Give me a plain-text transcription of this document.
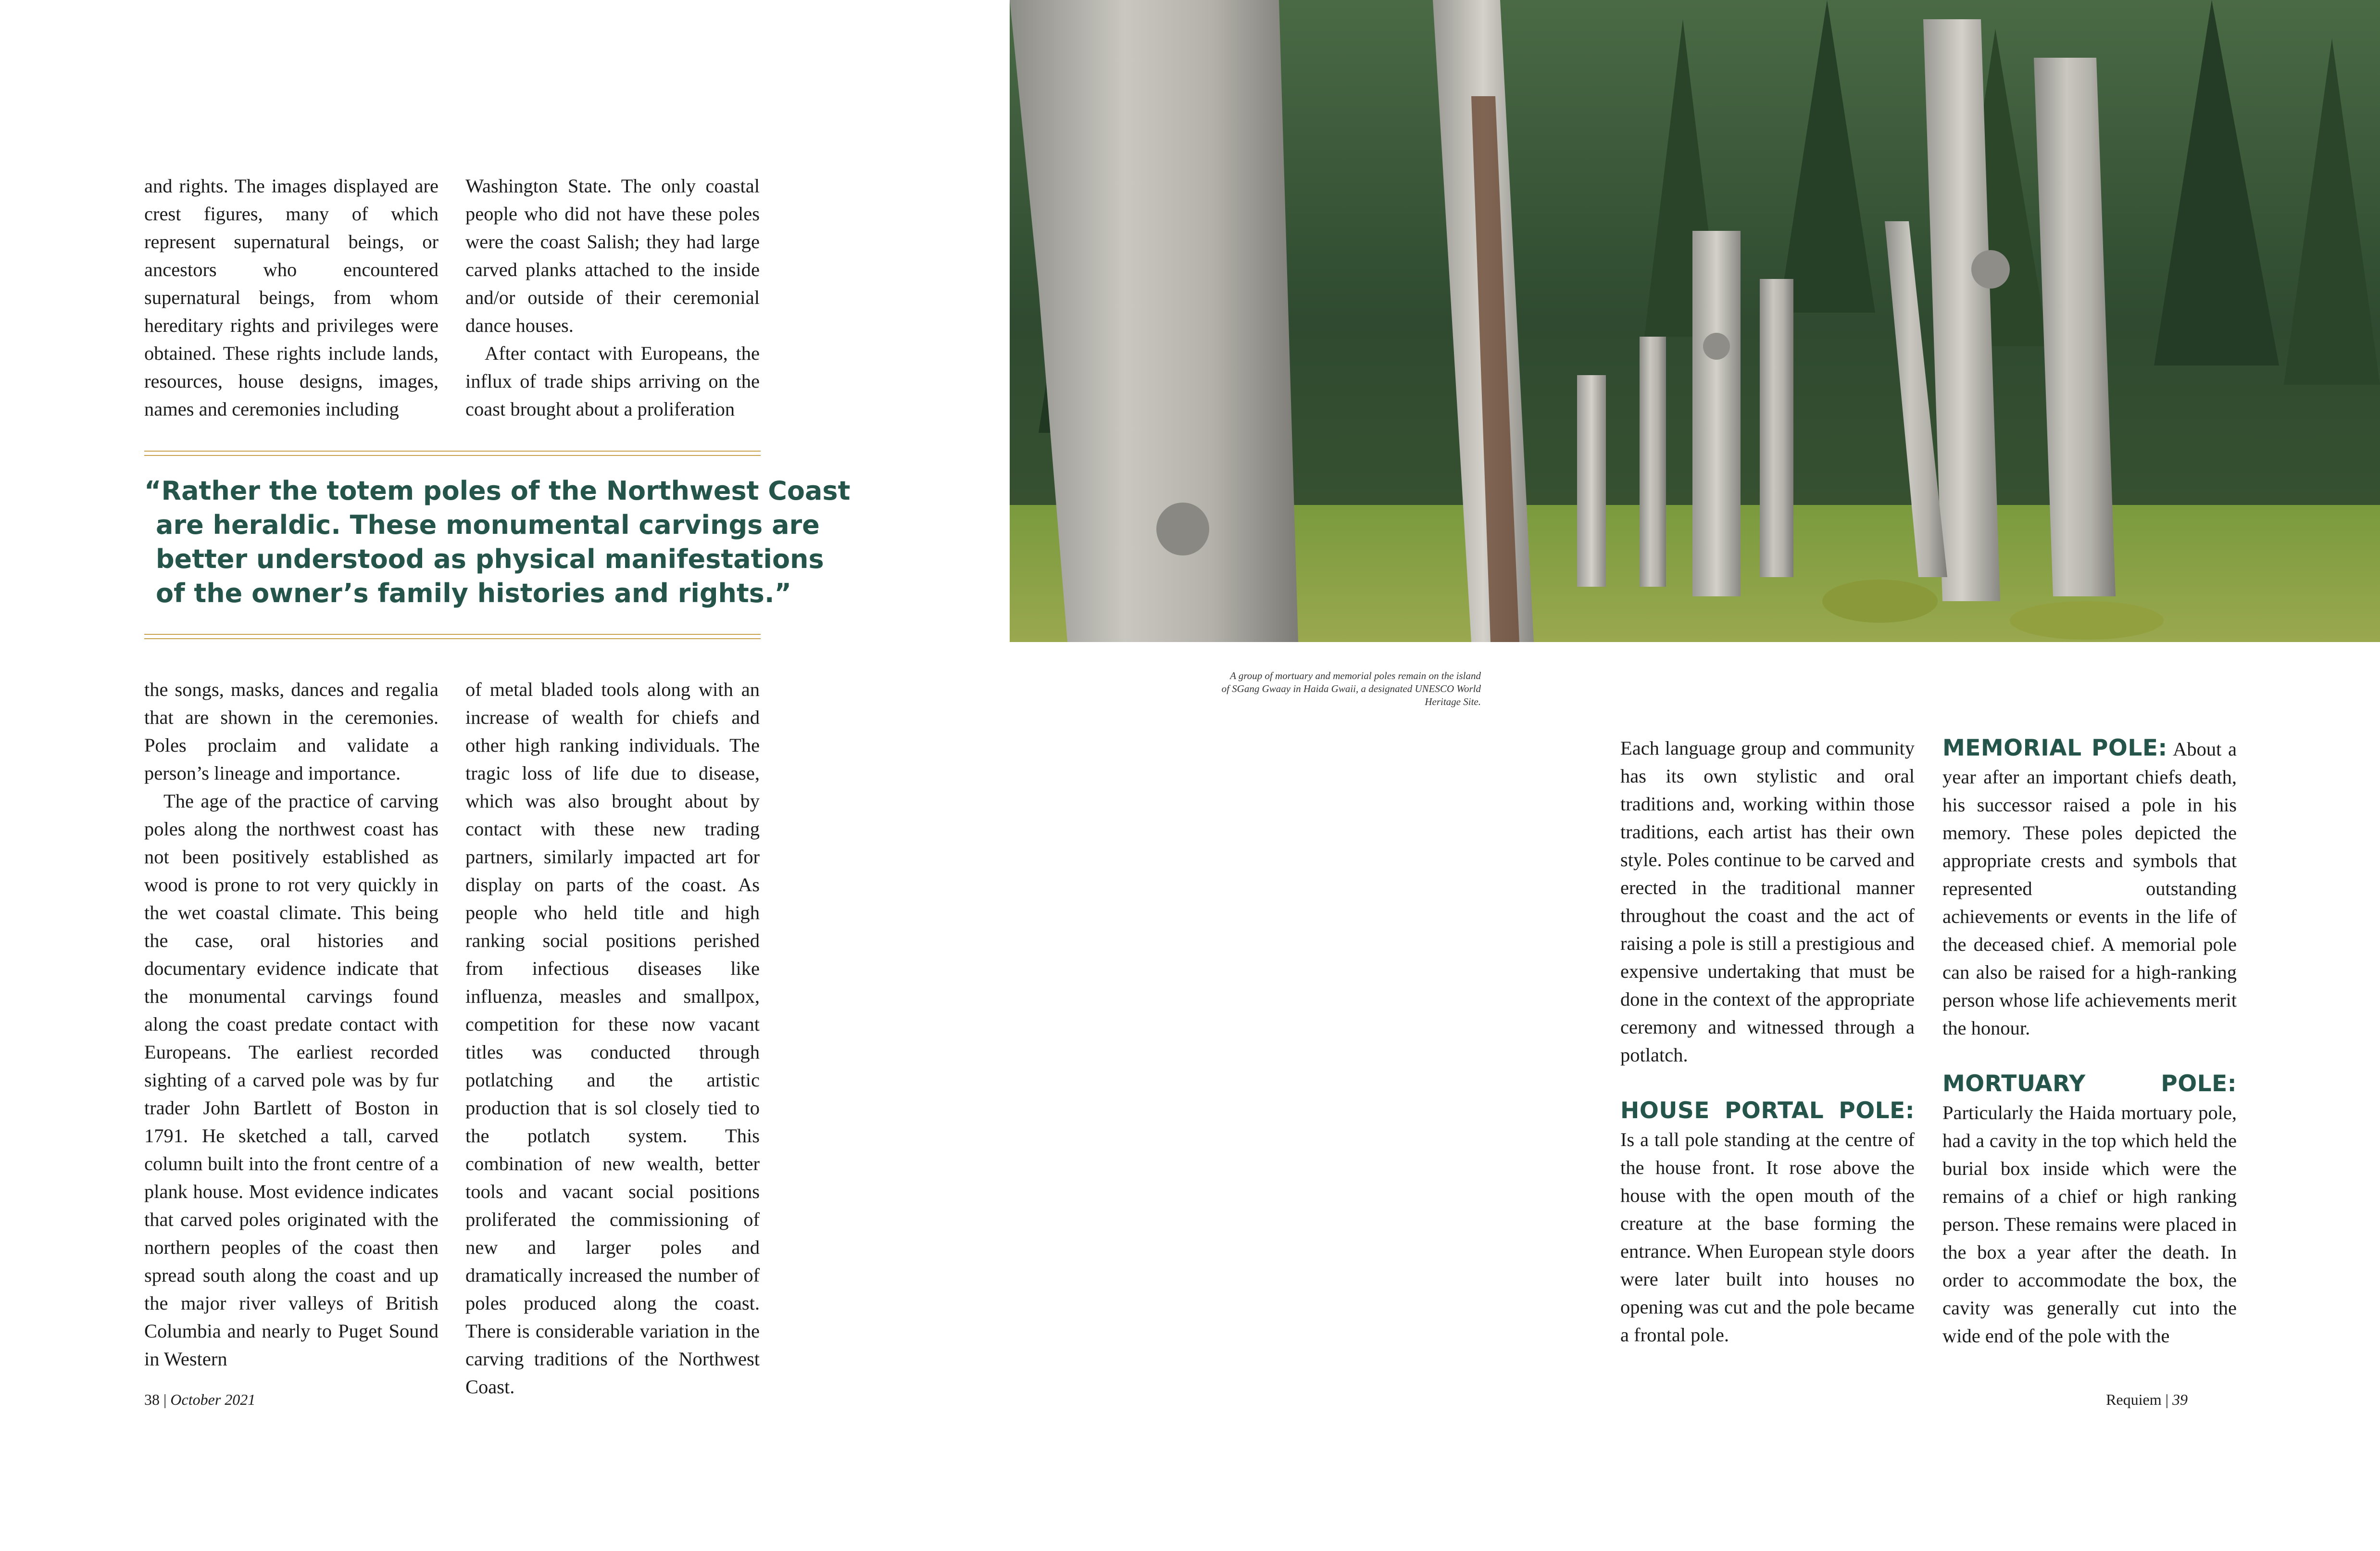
and rights. The images displayed are crest figures, many of which represent supernatural beings, or ancestors who encountered supernatural beings, from whom hereditary rights and privileges were obtained. These rights include lands, resources, house designs, images, names and ceremonies including

Washington State. The only coastal people who did not have these poles were the coast Salish; they had large carved planks attached to the inside and/or outside of their ceremonial dance houses.

After contact with Europeans, the influx of trade ships arriving on the coast brought about a proliferation

“Rather the totem poles of the Northwest Coast
are heraldic. These monumental carvings are
better understood as physical manifestations
of the owner’s family histories and rights.”

the songs, masks, dances and regalia that are shown in the ceremonies. Poles proclaim and validate a person’s lineage and importance.

The age of the practice of carving poles along the northwest coast has not been positively established as wood is prone to rot very quickly in the wet coastal climate. This being the case, oral histories and documentary evidence indicate that the monumental carvings found along the coast predate contact with Europeans. The earliest recorded sighting of a carved pole was by fur trader John Bartlett of Boston in 1791. He sketched a tall, carved column built into the front centre of a plank house. Most evidence indicates that carved poles originated with the northern peoples of the coast then spread south along the coast and up the major river valleys of British Columbia and nearly to Puget Sound in Western

of metal bladed tools along with an increase of wealth for chiefs and other high ranking individuals. The tragic loss of life due to disease, which was also brought about by contact with these new trading partners, similarly impacted art for display on parts of the coast. As people who held title and high ranking social positions perished from infectious diseases like influenza, measles and smallpox, competition for these now vacant titles was conducted through potlatching and the artistic production that is sol closely tied to the potlatch system. This combination of new wealth, better tools and vacant social positions proliferated the commissioning of new and larger poles and dramatically increased the number of poles produced along the coast. There is considerable variation in the carving traditions of the Northwest Coast.

38 | October 2021
A group of mortuary and memorial poles remain on the island of SGang Gwaay in Haida Gwaii, a designated UNESCO World Heritage Site.

Each language group and community has its own stylistic and oral traditions and, working within those traditions, each artist has their own style. Poles continue to be carved and erected in the traditional manner throughout the coast and the act of raising a pole is still a prestigious and expensive undertaking that must be done in the context of the appropriate ceremony and witnessed through a potlatch.

HOUSE PORTAL POLE: Is a tall pole standing at the centre of the house front. It rose above the house with the open mouth of the creature at the base forming the entrance. When European style doors were later built into houses no opening was cut and the pole became a frontal pole.

MEMORIAL POLE: About a year after an important chiefs death, his successor raised a pole in his memory. These poles depicted the appropriate crests and symbols that represented outstanding achievements or events in the life of the deceased chief. A memorial pole can also be raised for a high-ranking person whose life achievements merit the honour.

MORTUARY POLE: Particularly the Haida mortuary pole, had a cavity in the top which held the burial box inside which were the remains of a chief or high ranking person. These remains were placed in the box a year after the death. In order to accommodate the box, the cavity was generally cut into the wide end of the pole with the

Requiem | 39
